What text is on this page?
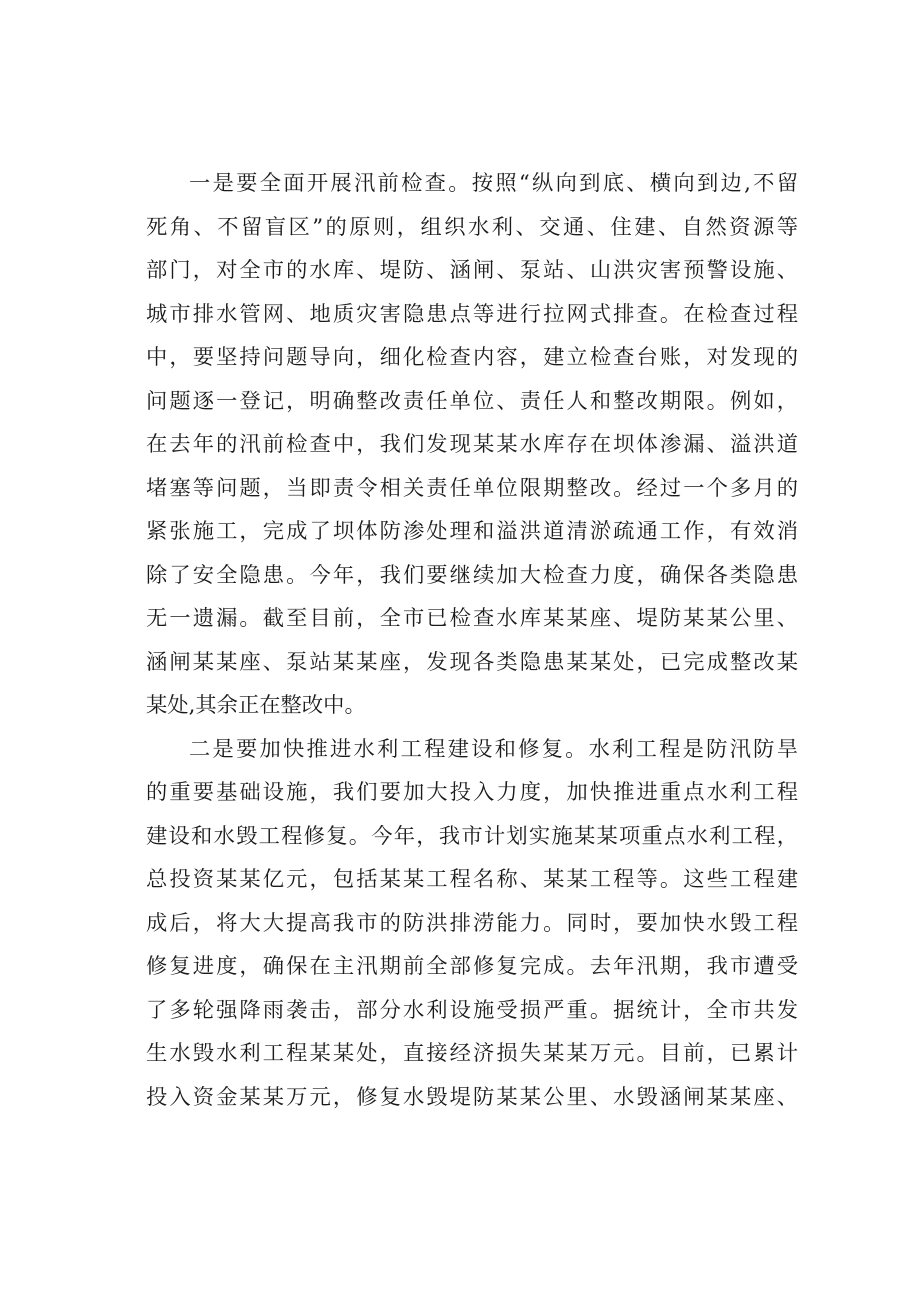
一是要全面开展汛前检查。按照“纵向到底、横向到边,不留
死角、不留盲区”的原则，组织水利、交通、住建、自然资源等
部门，对全市的水库、堤防、涵闸、泵站、山洪灾害预警设施、
城市排水管网、地质灾害隐患点等进行拉网式排查。在检查过程
中，要坚持问题导向，细化检查内容，建立检查台账，对发现的
问题逐一登记，明确整改责任单位、责任人和整改期限。例如，
在去年的汛前检查中，我们发现某某水库存在坝体渗漏、溢洪道
堵塞等问题，当即责令相关责任单位限期整改。经过一个多月的
紧张施工，完成了坝体防渗处理和溢洪道清淤疏通工作，有效消
除了安全隐患。今年，我们要继续加大检查力度，确保各类隐患
无一遗漏。截至目前，全市已检查水库某某座、堤防某某公里、
涵闸某某座、泵站某某座，发现各类隐患某某处，已完成整改某
某处,其余正在整改中。
二是要加快推进水利工程建设和修复。水利工程是防汛防旱
的重要基础设施，我们要加大投入力度，加快推进重点水利工程
建设和水毁工程修复。今年，我市计划实施某某项重点水利工程，
总投资某某亿元，包括某某工程名称、某某工程等。这些工程建
成后，将大大提高我市的防洪排涝能力。同时，要加快水毁工程
修复进度，确保在主汛期前全部修复完成。去年汛期，我市遭受
了多轮强降雨袭击，部分水利设施受损严重。据统计，全市共发
生水毁水利工程某某处，直接经济损失某某万元。目前，已累计
投入资金某某万元，修复水毁堤防某某公里、水毁涵闸某某座、
